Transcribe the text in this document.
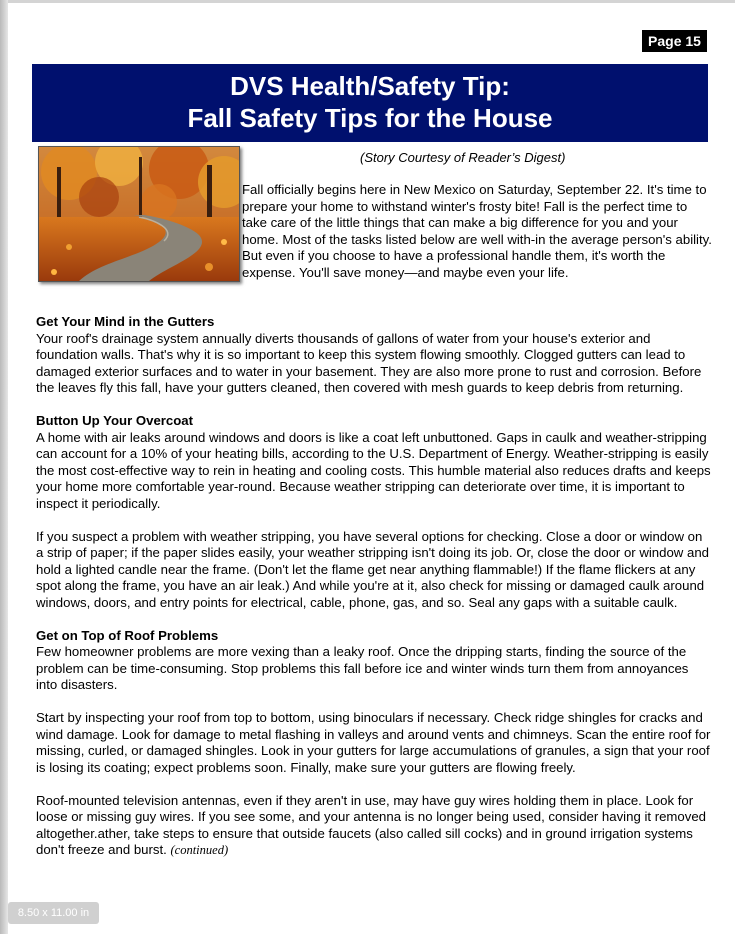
Page 15
DVS Health/Safety Tip:
Fall Safety Tips for the House
(Story Courtesy of Reader’s Digest)
Fall officially begins here in New Mexico on Saturday, September 22. It's time to prepare your home to withstand winter's frosty bite! Fall is the perfect time to take care of the little things that can make a big difference for you and your home. Most of the tasks listed below are well with-in the average person's ability. But even if you choose to have a professional handle them, it's worth the expense. You'll save money—and maybe even your life.
Get Your Mind in the Gutters

Your roof's drainage system annually diverts thousands of gallons of water from your house's exterior and foundation walls. That's why it is so important to keep this system flowing smoothly. Clogged gutters can lead to damaged exterior surfaces and to water in your basement. They are also more prone to rust and corrosion. Before the leaves fly this fall, have your gutters cleaned, then covered with mesh guards to keep debris from returning.

Button Up Your Overcoat

A home with air leaks around windows and doors is like a coat left unbuttoned. Gaps in caulk and weather-stripping can account for a 10% of your heating bills, according to the U.S. Department of Energy. Weather-stripping is easily the most cost-effective way to rein in heating and cooling costs. This humble material also reduces drafts and keeps your home more comfortable year-round. Because weather stripping can deteriorate over time, it is important to inspect it periodically.

If you suspect a problem with weather stripping, you have several options for checking. Close a door or window on a strip of paper; if the paper slides easily, your weather stripping isn't doing its job. Or, close the door or window and hold a lighted candle near the frame. (Don't let the flame get near anything flammable!) If the flame flickers at any spot along the frame, you have an air leak.) And while you're at it, also check for missing or damaged caulk around windows, doors, and entry points for electrical, cable, phone, gas, and so. Seal any gaps with a suitable caulk.

Get on Top of Roof Problems

Few homeowner problems are more vexing than a leaky roof. Once the dripping starts, finding the source of the problem can be time-consuming. Stop problems this fall before ice and winter winds turn them from annoyances into disasters.

Start by inspecting your roof from top to bottom, using binoculars if necessary. Check ridge shingles for cracks and wind damage. Look for damage to metal flashing in valleys and around vents and chimneys. Scan the entire roof for missing, curled, or damaged shingles. Look in your gutters for large accumulations of granules, a sign that your roof is losing its coating; expect problems soon. Finally, make sure your gutters are flowing freely.

Roof-mounted television antennas, even if they aren't in use, may have guy wires holding them in place. Look for loose or missing guy wires. If you see some, and your antenna is no longer being used, consider having it removed altogether.ather, take steps to ensure that outside faucets (also called sill cocks) and in ground irrigation systems don't freeze and burst. (continued)

8.50 x 11.00 in
